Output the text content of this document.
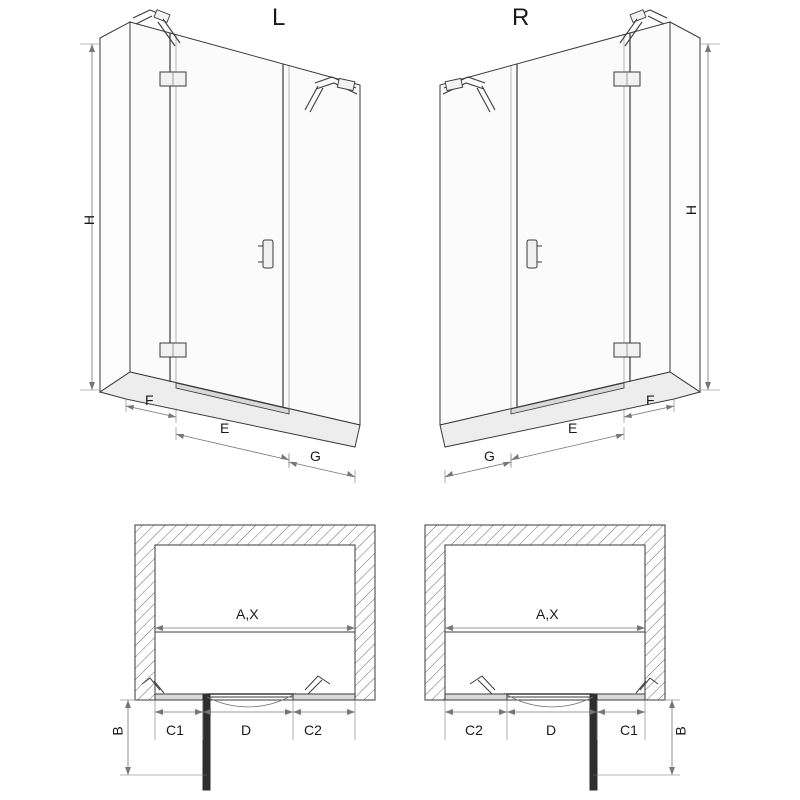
L	R
H
F
E
G
H
F
E
G
A,X
B	C1	D	C2
A,X
B
C2	D	C1
